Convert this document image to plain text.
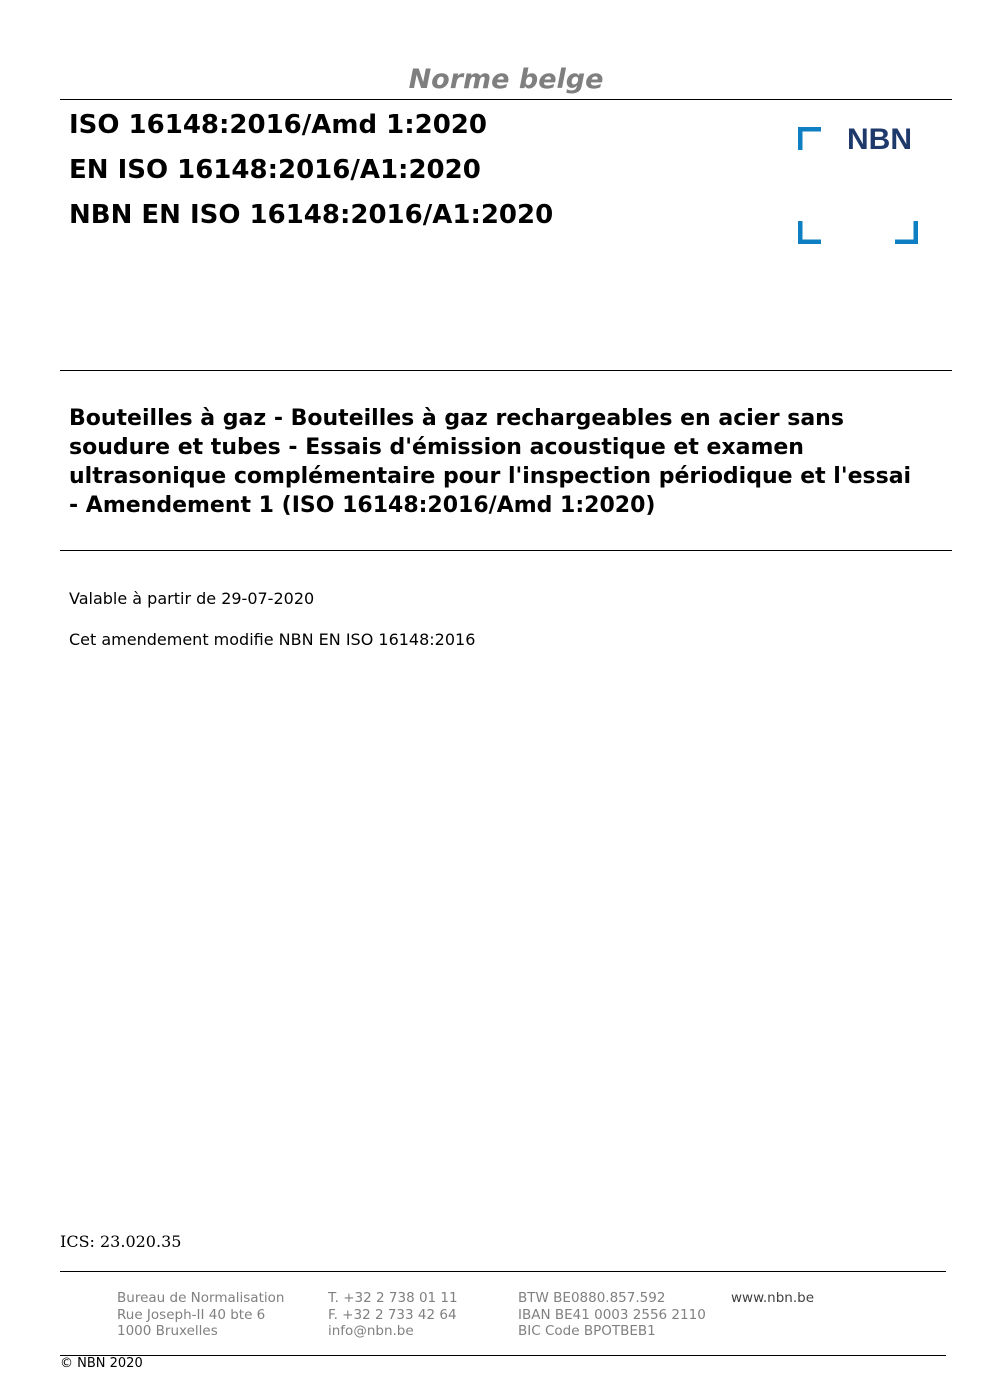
Norme belge
ISO 16148:2016/Amd 1:2020
EN ISO 16148:2016/A1:2020
NBN EN ISO 16148:2016/A1:2020
NBN
Bouteilles à gaz - Bouteilles à gaz rechargeables en acier sans soudure et tubes - Essais d'émission acoustique et examen ultrasonique complémentaire pour l'inspection périodique et l'essai - Amendement 1 (ISO 16148:2016/Amd 1:2020)
Valable à partir de 29-07-2020
Cet amendement modifie NBN EN ISO 16148:2016
ICS: 23.020.35
Bureau de Normalisation
Rue Joseph-II 40 bte 6
1000 Bruxelles
T. +32 2 738 01 11
F. +32 2 733 42 64
info@nbn.be
BTW BE0880.857.592
IBAN BE41 0003 2556 2110
BIC Code BPOTBEB1
www.nbn.be
© NBN 2020
